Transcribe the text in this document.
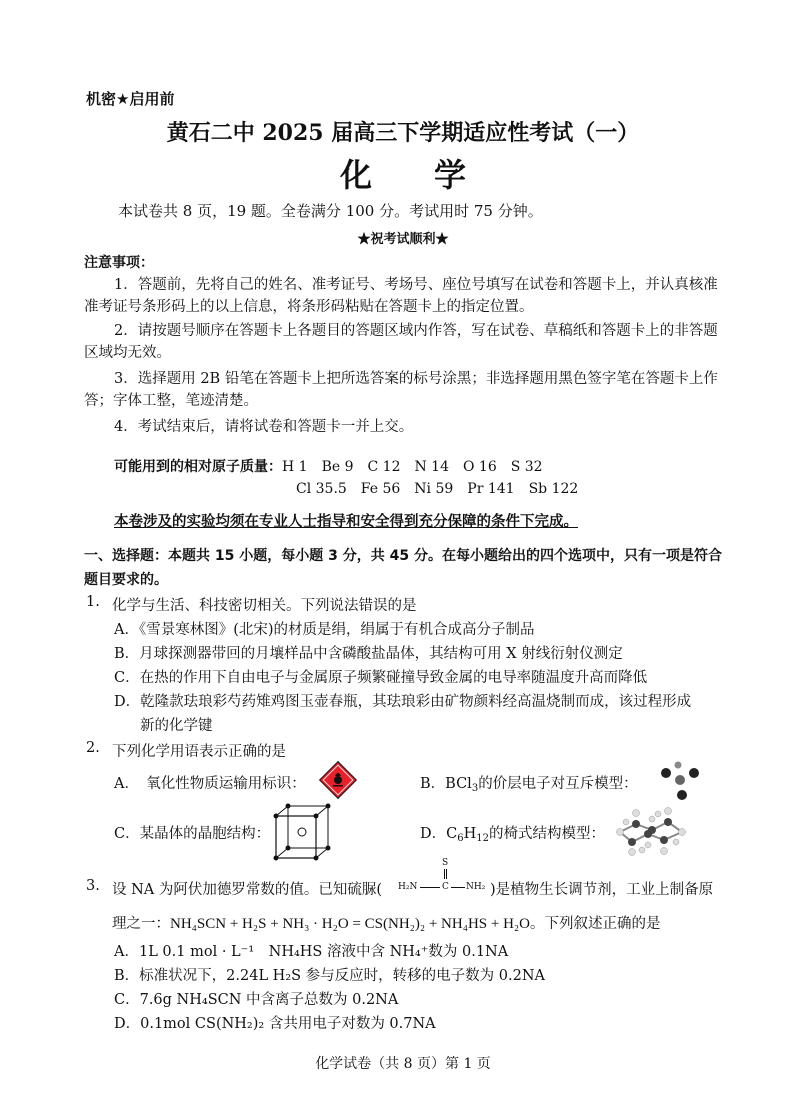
机密★启用前
黄石二中 2025 届高三下学期适应性考试（一）
化学
本试卷共 8 页，19 题。全卷满分 100 分。考试用时 75 分钟。
★祝考试顺利★
注意事项：
1．答题前，先将自己的姓名、准考证号、考场号、座位号填写在试卷和答题卡上，并认真核准准考证号条形码上的以上信息，将条形码粘贴在答题卡上的指定位置。
2．请按题号顺序在答题卡上各题目的答题区域内作答，写在试卷、草稿纸和答题卡上的非答题区域均无效。
3．选择题用 2B 铅笔在答题卡上把所选答案的标号涂黑；非选择题用黑色签字笔在答题卡上作答；字体工整，笔迹清楚。
4．考试结束后，请将试卷和答题卡一并上交。
可能用到的相对原子质量：H 1　Be 9　C 12　N 14　O 16　S 32
Cl 35.5　Fe 56　Ni 59　Pr 141　Sb 122
本卷涉及的实验均须在专业人士指导和安全得到充分保障的条件下完成。
一、选择题：本题共 15 小题，每小题 3 分，共 45 分。在每小题给出的四个选项中，只有一项是符合题目要求的。
1. 化学与生活、科技密切相关。下列说法错误的是
A．《雪景寒林图》(北宋)的材质是绢，绢属于有机合成高分子制品
B．月球探测器带回的月壤样品中含磷酸盐晶体，其结构可用 X 射线衍射仪测定
C．在热的作用下自由电子与金属原子频繁碰撞导致金属的电导率随温度升高而降低
D．乾隆款珐琅彩芍药雉鸡图玉壶春瓶，其珐琅彩由矿物颜料经高温烧制而成，该过程形成
新的化学键
2. 下列化学用语表示正确的是
A．　氧化性物质运输用标识：	B．BCl$_3$的价层电子对互斥模型：
C．某晶体的晶胞结构：	D．$C_6H_{12}$的椅式结构模型：
3. 设 NA 为阿伏加德罗常数的值。已知硫脲(
S
H₂N	C NH₂ )是植物生长调节剂，工业上制备原
理之一：NH₄SCN + H₂S + NH₃ · H₂O = CS(NH₂)₂ + NH₄HS + H₂O。下列叙述正确的是
A．1L 0.1 mol · L⁻¹　NH₄HS 溶液中含 NH₄⁺数为 0.1NA
B．标准状况下，2.24L H₂S 参与反应时，转移的电子数为 0.2NA
C．7.6g NH₄SCN 中含离子总数为 0.2NA
D．0.1mol CS(NH₂)₂ 含共用电子对数为 0.7NA
化学试卷（共 8 页）第 1 页
